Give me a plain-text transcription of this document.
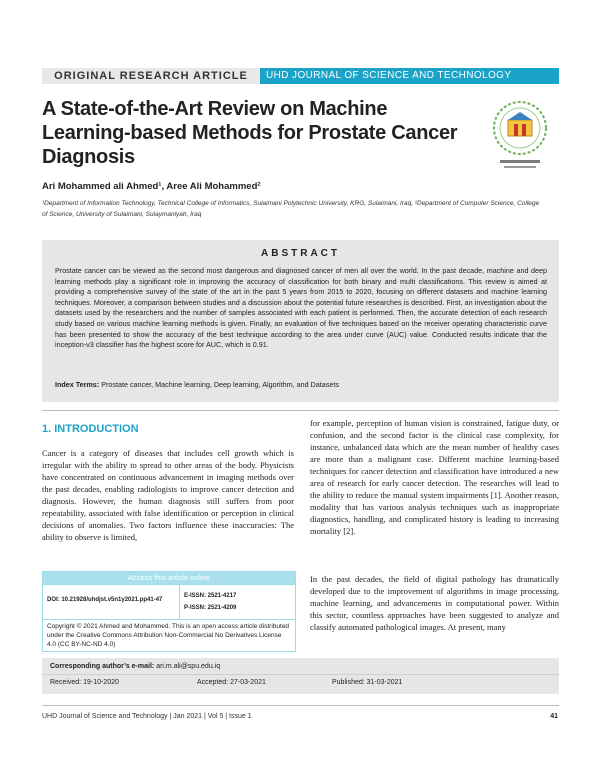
ORIGINAL RESEARCH ARTICLE	UHD JOURNAL OF SCIENCE AND TECHNOLOGY
A State-of-the-Art Review on Machine Learning-based Methods for Prostate Cancer Diagnosis
Ari Mohammed ali Ahmed¹, Aree Ali Mohammed²
¹Department of Information Technology, Technical College of Informatics, Sulaimani Polytechnic University, KRG, Sulaimani, Iraq, ²Department of Computer Science, College of Science, University of Sulaimani, Sulaymaniyah, Iraq
ABSTRACT
Prostate cancer can be viewed as the second most dangerous and diagnosed cancer of men all over the world. In the past decade, machine and deep learning methods play a significant role in improving the accuracy of classification for both binary and multi classifications. This review is aimed at providing a comprehensive survey of the state of the art in the past 5 years from 2015 to 2020, focusing on different datasets and machine learning techniques. Moreover, a comparison between studies and a discussion about the potential future researches is described. First, an investigation about the datasets used by the researchers and the number of samples associated with each patient is performed. Then, the accurate detection of each research study based on various machine learning methods is given. Finally, an evaluation of five techniques based on the receiver operating characteristic curve has been presented to show the accuracy of the best technique according to the area under curve (AUC) value. Conducted results indicate that the inception-v3 classifier has the highest score for AUC, which is 0.91.
Index Terms: Prostate cancer, Machine learning, Deep learning, Algorithm, and Datasets
1. INTRODUCTION
Cancer is a category of diseases that includes cell growth which is irregular with the ability to spread to other areas of the body. Physicists have concentrated on continuous advancement in imaging methods over the past decades, enabling radiologists to improve cancer detection and diagnosis. However, the human diagnosis still suffers from poor repeatability, associated with false identification or perception in clinical decisions of anomalies. Two factors influence these inaccuracies: The ability to observe is limited,
for example, perception of human vision is constrained, fatigue duty, or confusion, and the second factor is the clinical case complexity, for instance, unbalanced data which are the mean number of healthy cases are more than a malignant case. Different machine learning-based techniques for cancer detection and classification have introduced a new area of research for early cancer detection. The researches will lead to the ability to reduce the manual system impairments [1]. Another reason, modality that has various analysis techniques such as inappropriate diagnostics, handling, and complicated history is leading to increasing mortality [2].
In the past decades, the field of digital pathology has dramatically developed due to the improvement of algorithms in image processing, machine learning, and advancements in computational power. Within this sector, countless approaches have been suggested to analyze and classify automated pathological images. At present, many
Access this article online
DOI: 10.21928/uhdjst.v5n1y2021.pp41-47
E-ISSN: 2521-4217
P-ISSN: 2521-4209
Copyright © 2021 Ahmed and Mohammed. This is an open access article distributed under the Creative Commons Attribution Non-Commercial No Derivatives License 4.0 (CC BY-NC-ND 4.0)
Corresponding author’s e-mail: ari.m.ali@spu.edu.iq
Received: 19-10-2020	Accepted: 27-03-2021	Published: 31-03-2021
UHD Journal of Science and Technology | Jan 2021 | Vol 5 | Issue 1	41
